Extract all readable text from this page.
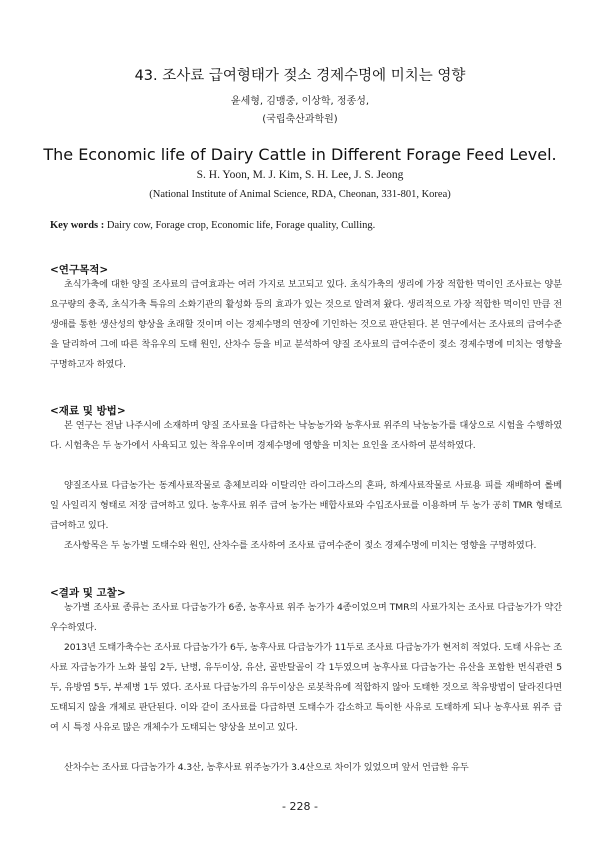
43. 조사료 급여형태가 젖소 경제수명에 미치는 영향
윤세형, 김맹중, 이상학, 정종성,
(국립축산과학원)
The Economic life of Dairy Cattle in Different Forage Feed Level.
S. H. Yoon, M. J. Kim, S. H. Lee, J. S. Jeong
(National Institute of Animal Science, RDA, Cheonan, 331-801, Korea)
Key words : Dairy cow, Forage crop, Economic life, Forage quality, Culling.
<연구목적>

초식가축에 대한 양질 조사료의 급여효과는 여러 가지로 보고되고 있다. 초식가축의 생리에 가장 적합한 먹이인 조사료는 양분요구량의 충족, 초식가축 특유의 소화기관의 활성화 등의 효과가 있는 것으로 알려져 왔다. 생리적으로 가장 적합한 먹이인 만큼 전 생애를 통한 생산성의 향상을 초래할 것이며 이는 경제수명의 연장에 기인하는 것으로 판단된다. 본 연구에서는 조사료의 급여수준을 달리하여 그에 따른 착유우의 도태 원인, 산차수 등을 비교 분석하여 양질 조사료의 급여수준이 젖소 경제수명에 미치는 영향을 구명하고자 하였다.

<재료 및 방법>

본 연구는 전남 나주시에 소재하며 양질 조사료을 다급하는 낙농농가와 농후사료 위주의 낙농농가를 대상으로 시험을 수행하였다. 시험축은 두 농가에서 사육되고 있는 착유우이며 경제수명에 영향을 미치는 요인을 조사하여 분석하였다.

양질조사료 다급농가는 동계사료작물로 총체보리와 이탈리안 라이그라스의 혼파, 하계사료작물로 사료용 피를 재배하여 롤베일 사일리지 형태로 저장 급여하고 있다. 농후사료 위주 급여 농가는 배합사료와 수입조사료를 이용하며 두 농가 공히 TMR 형태로 급여하고 있다.

조사항목은 두 농가별 도태수와 원인, 산차수를 조사하여 조사료 급여수준이 젖소 경제수명에 미치는 영향을 구명하였다.

<결과 및 고찰>

농가별 조사료 종류는 조사료 다급농가가 6종, 농후사료 위주 농가가 4종이었으며 TMR의 사료가치는 조사료 다급농가가 약간 우수하였다.

2013년 도태가축수는 조사료 다급농가가 6두, 농후사료 다급농가가 11두로 조사료 다급농가가 현저히 적었다. 도태 사유는 조사료 자급농가가 노화 불임 2두, 난병, 유두이상, 유산, 골반탈골이 각 1두였으며 농후사료 다급농가는 유산을 포함한 번식관련 5두, 유방염 5두, 부제병 1두 였다. 조사료 다급농가의 유두이상은 로봇착유에 적합하지 않아 도태한 것으로 착유방법이 달라진다면 도태되지 않을 개체로 판단된다. 이와 같이 조사료를 다급하면 도태수가 감소하고 특이한 사유로 도태하게 되나 농후사료 위주 급여 시 특정 사유로 많은 개체수가 도태되는 양상을 보이고 있다.

산차수는 조사료 다급농가가 4.3산, 농후사료 위주농가가 3.4산으로 차이가 있었으며 앞서 언급한 유두

- 228 -
